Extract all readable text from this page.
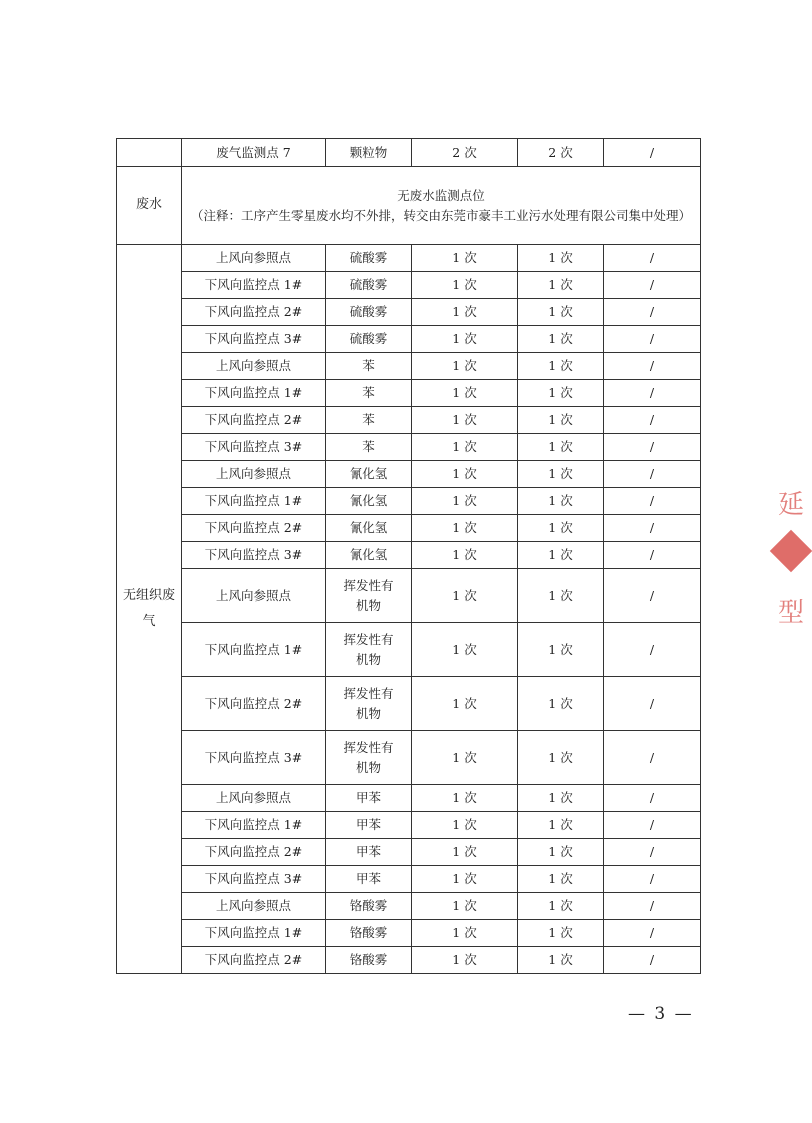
	废气监测点 7	颗粒物	2 次	2 次	/
废水	无废水监测点位
（注释：工序产生零星废水均不外排，转交由东莞市豪丰工业污水处理有限公司集中处理）				

无组织废气	上风向参照点	硫酸雾	1 次	1 次	/
	下风向监控点 1#	硫酸雾	1 次	1 次	/
	下风向监控点 2#	硫酸雾	1 次	1 次	/
	下风向监控点 3#	硫酸雾	1 次	1 次	/
	上风向参照点	苯	1 次	1 次	/
	下风向监控点 1#	苯	1 次	1 次	/
	下风向监控点 2#	苯	1 次	1 次	/
	下风向监控点 3#	苯	1 次	1 次	/
	上风向参照点	氰化氢	1 次	1 次	/
	下风向监控点 1#	氰化氢	1 次	1 次	/
	下风向监控点 2#	氰化氢	1 次	1 次	/
	下风向监控点 3#	氰化氢	1 次	1 次	/
	上风向参照点	挥发性有机物	1 次	1 次	/
	下风向监控点 1#	挥发性有机物	1 次	1 次	/
	下风向监控点 2#	挥发性有机物	1 次	1 次	/
	下风向监控点 3#	挥发性有机物	1 次	1 次	/
	上风向参照点	甲苯	1 次	1 次	/
	下风向监控点 1#	甲苯	1 次	1 次	/
	下风向监控点 2#	甲苯	1 次	1 次	/
	下风向监控点 3#	甲苯	1 次	1 次	/
	上风向参照点	铬酸雾	1 次	1 次	/
	下风向监控点 1#	铬酸雾	1 次	1 次	/
	下风向监控点 2#	铬酸雾	1 次	1 次	/
— 3 —
延
型
